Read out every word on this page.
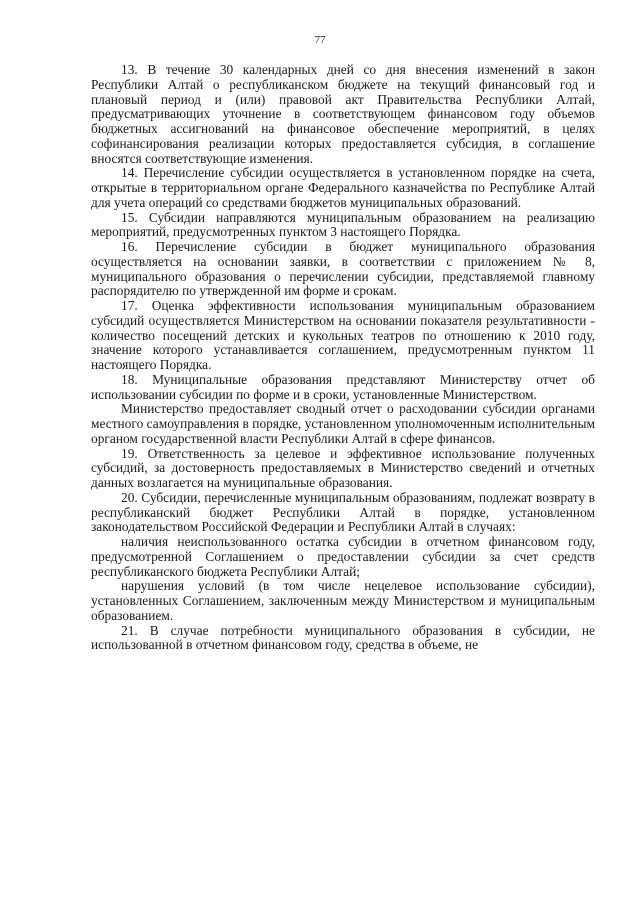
77

13. В течение 30 календарных дней со дня внесения изменений в закон Республики Алтай о республиканском бюджете на текущий финансовый год и плановый период и (или) правовой акт Правительства Республики Алтай, предусматривающих уточнение в соответствующем финансовом году объемов бюджетных ассигнований на финансовое обеспечение мероприятий, в целях софинансирования реализации которых предоставляется субсидия, в соглашение вносятся соответствующие изменения.

14. Перечисление субсидии осуществляется в установленном порядке на счета, открытые в территориальном органе Федерального казначейства по Республике Алтай для учета операций со средствами бюджетов муниципальных образований.

15. Субсидии направляются муниципальным образованием на реализацию мероприятий, предусмотренных пунктом 3 настоящего Порядка.

16. Перечисление субсидии в бюджет муниципального образования осуществляется на основании заявки, в соответствии с приложением № 8, муниципального образования о перечислении субсидии, представляемой главному распорядителю по утвержденной им форме и срокам.

17. Оценка эффективности использования муниципальным образованием субсидий осуществляется Министерством на основании показателя результативности - количество посещений детских и кукольных театров по отношению к 2010 году, значение которого устанавливается соглашением, предусмотренным пунктом 11 настоящего Порядка.

18. Муниципальные образования представляют Министерству отчет об использовании субсидии по форме и в сроки, установленные Министерством.

Министерство предоставляет сводный отчет о расходовании субсидии органами местного самоуправления в порядке, установленном уполномоченным исполнительным органом государственной власти Республики Алтай в сфере финансов.

19. Ответственность за целевое и эффективное использование полученных субсидий, за достоверность предоставляемых в Министерство сведений и отчетных данных возлагается на муниципальные образования.

20. Субсидии, перечисленные муниципальным образованиям, подлежат возврату в республиканский бюджет Республики Алтай в порядке, установленном законодательством Российской Федерации и Республики Алтай в случаях:

наличия неиспользованного остатка субсидии в отчетном финансовом году, предусмотренной Соглашением о предоставлении субсидии за счет средств республиканского бюджета Республики Алтай;

нарушения условий (в том числе нецелевое использование субсидии), установленных Соглашением, заключенным между Министерством и муниципальным образованием.

21. В случае потребности муниципального образования в субсидии, не использованной в отчетном финансовом году, средства в объеме, не
